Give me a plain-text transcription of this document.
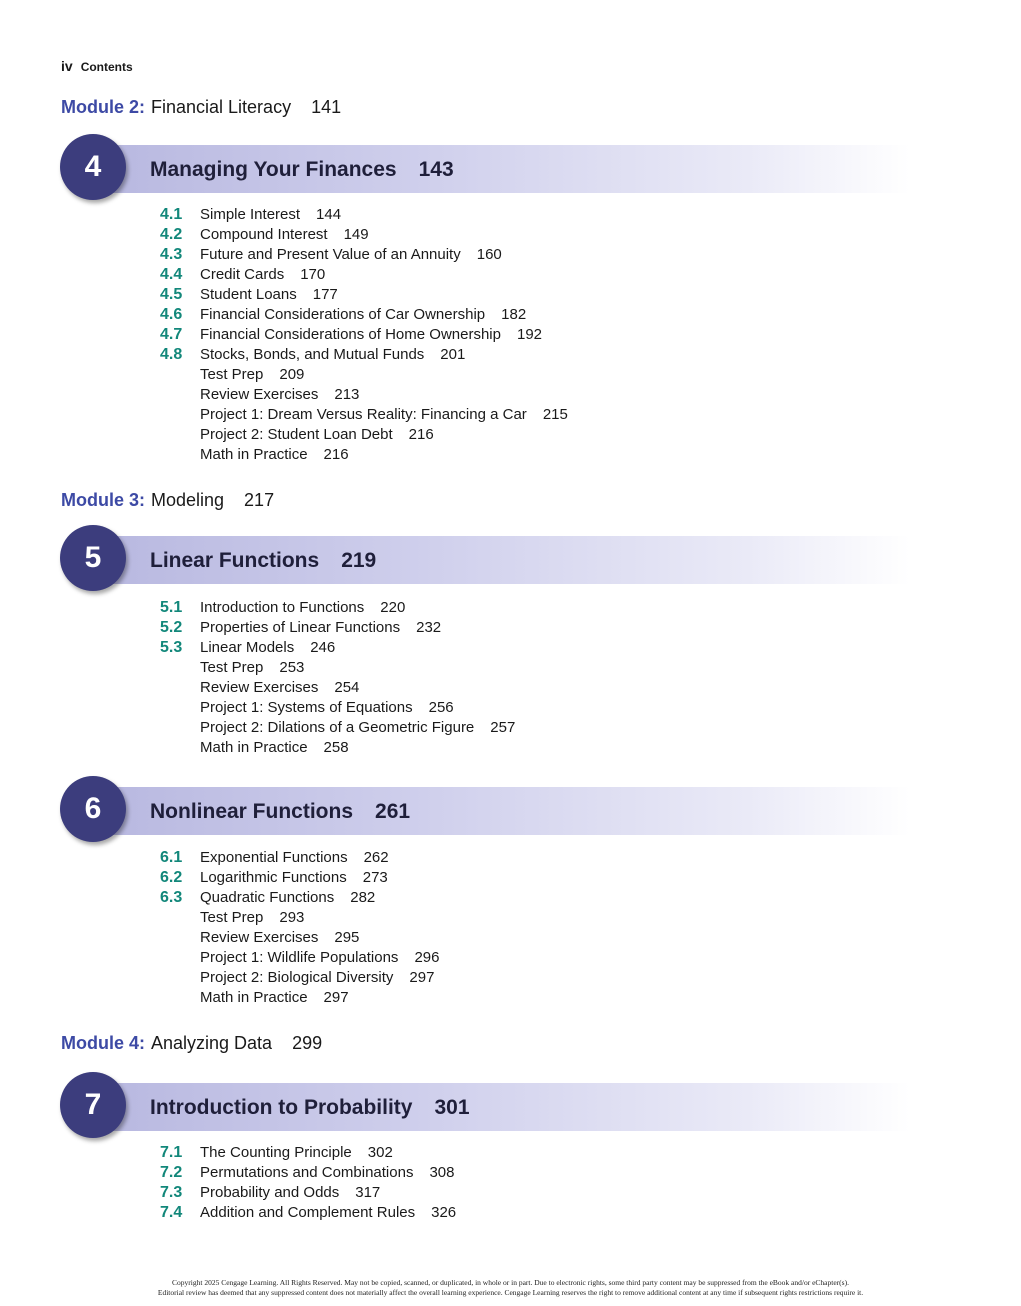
iv Contents
Module 2: Financial Literacy 141
4	Managing Your Finances 143
4.1 Simple Interest 144
4.2 Compound Interest 149
4.3 Future and Present Value of an Annuity 160
4.4 Credit Cards 170
4.5 Student Loans 177
4.6 Financial Considerations of Car Ownership 182
4.7 Financial Considerations of Home Ownership 192
4.8 Stocks, Bonds, and Mutual Funds 201
Test Prep 209
Review Exercises 213
Project 1: Dream Versus Reality: Financing a Car 215
Project 2: Student Loan Debt 216
Math in Practice 216
Module 3: Modeling 217
5	Linear Functions 219
5.1 Introduction to Functions 220
5.2 Properties of Linear Functions 232
5.3 Linear Models 246
Test Prep 253
Review Exercises 254
Project 1: Systems of Equations 256
Project 2: Dilations of a Geometric Figure 257
Math in Practice 258
6	Nonlinear Functions 261
6.1 Exponential Functions 262
6.2 Logarithmic Functions 273
6.3 Quadratic Functions 282
Test Prep 293
Review Exercises 295
Project 1: Wildlife Populations 296
Project 2: Biological Diversity 297
Math in Practice 297
Module 4: Analyzing Data 299
7	Introduction to Probability 301
7.1 The Counting Principle 302
7.2 Permutations and Combinations 308
7.3 Probability and Odds 317
7.4 Addition and Complement Rules 326
Copyright 2025 Cengage Learning. All Rights Reserved. May not be copied, scanned, or duplicated, in whole or in part. Due to electronic rights, some third party content may be suppressed from the eBook and/or eChapter(s).
Editorial review has deemed that any suppressed content does not materially affect the overall learning experience. Cengage Learning reserves the right to remove additional content at any time if subsequent rights restrictions require it.
